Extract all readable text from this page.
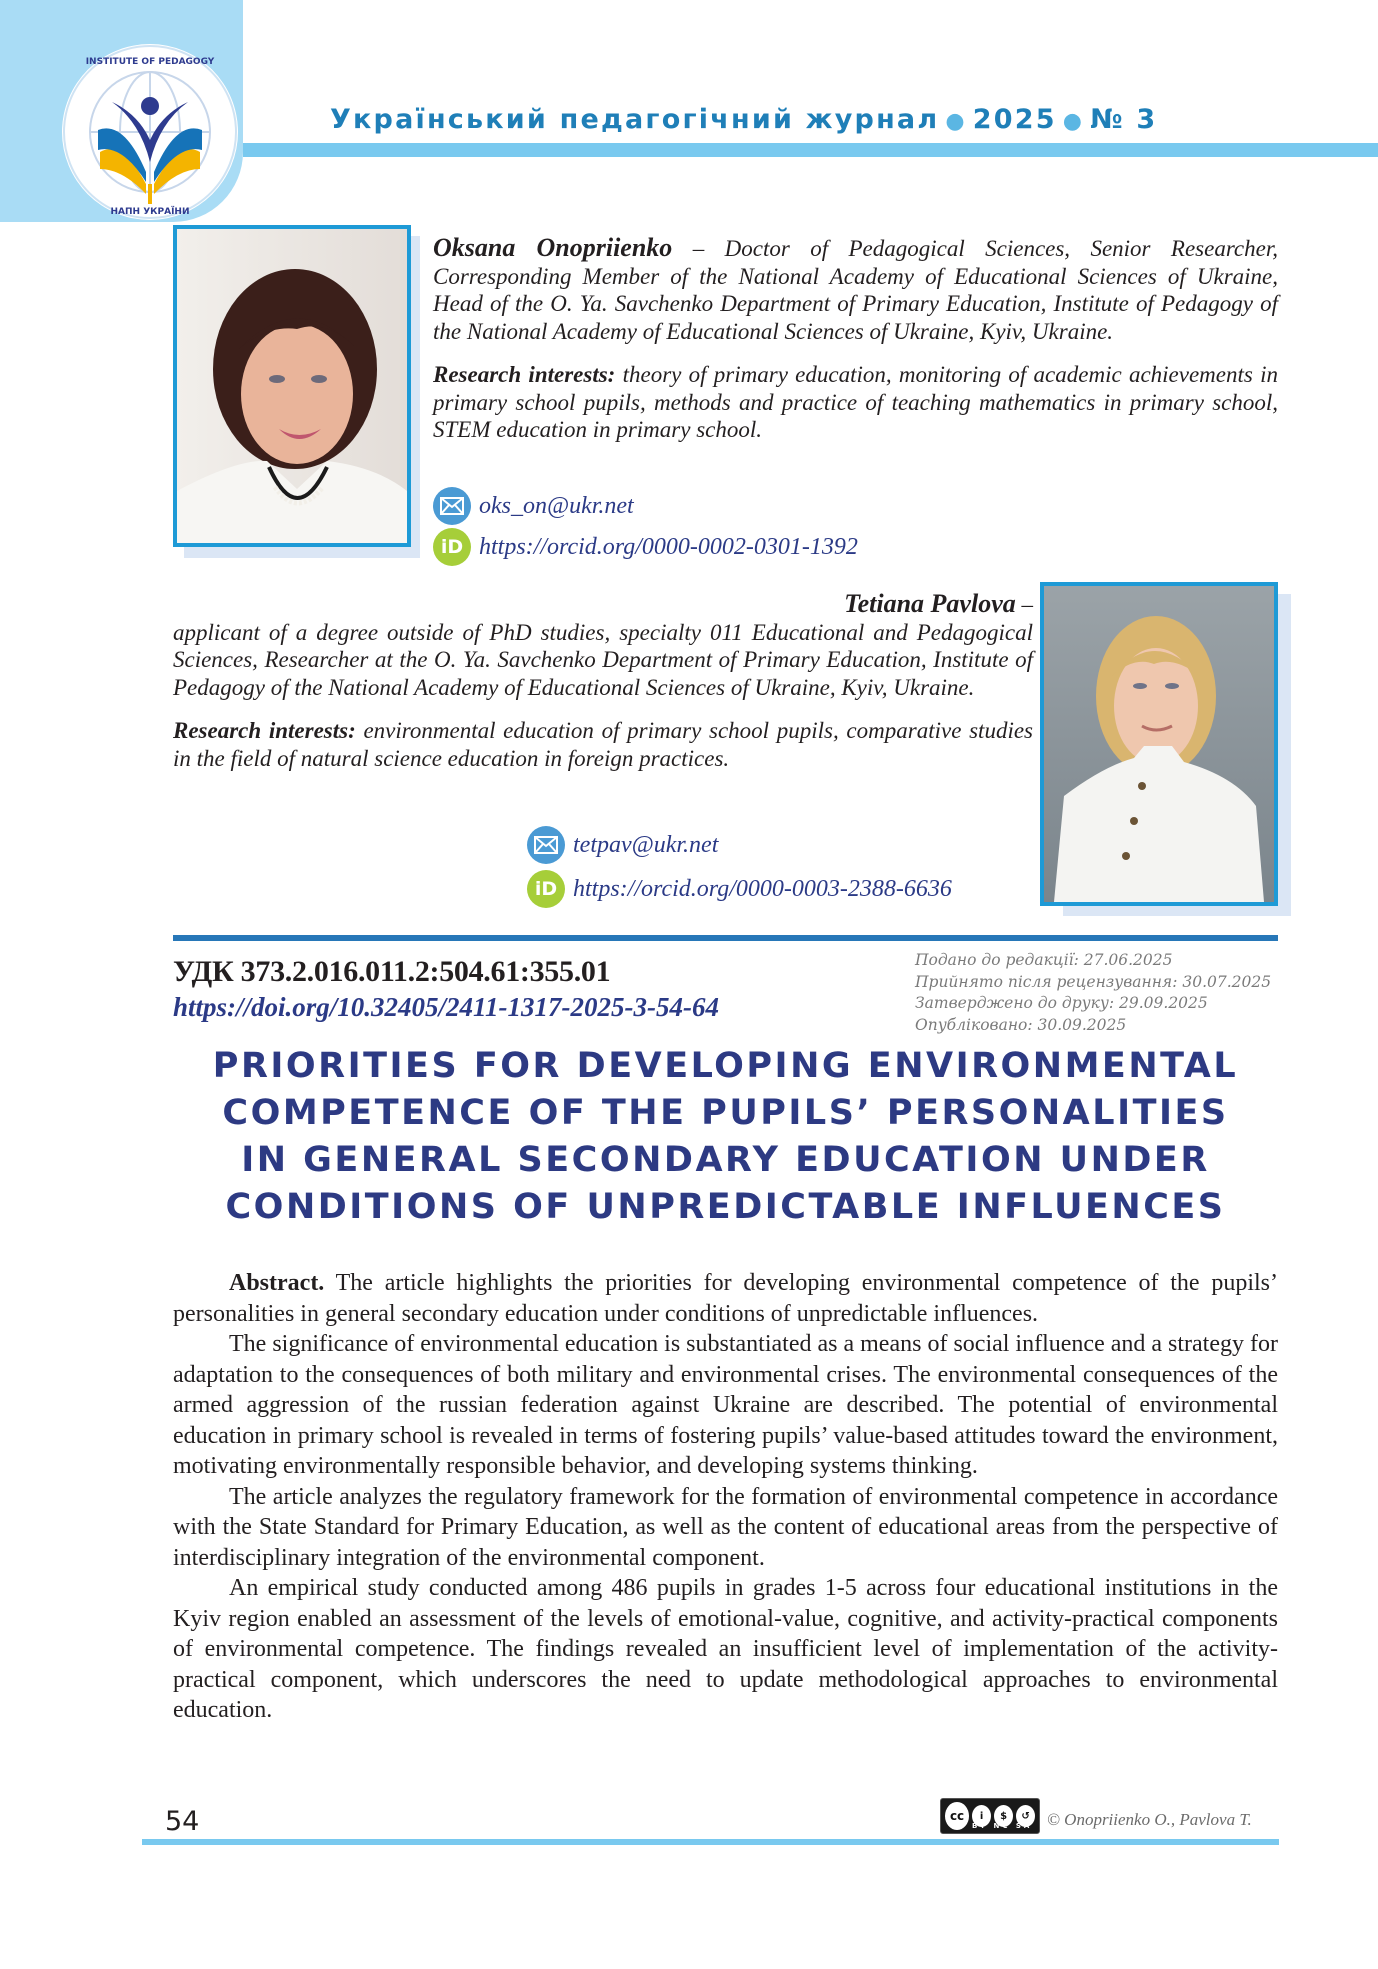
INSTITUTE OF PEDAGOGY
НАПН УКРАЇНИ
Український педагогічний журнал ● 2025 ● № 3

Oksana Onopriienko – Doctor of Pedagogical Sciences, Senior Researcher, Corresponding Member of the National Academy of Educational Sciences of Ukraine, Head of the O. Ya. Savchenko Department of Primary Education, Institute of Pedagogy of the National Academy of Educational Sciences of Ukraine, Kyiv, Ukraine.

Research interests: theory of primary education, monitoring of academic achievements in primary school pupils, methods and practice of teaching mathematics in primary school, STEM education in primary school.

oks_on@ukr.net
iD https://orcid.org/0000-0002-0301-1392

Tetiana Pavlova –

applicant of a degree outside of PhD studies, specialty 011 Educational and Pedagogical Sciences, Researcher at the O. Ya. Savchenko Department of Primary Education, Institute of Pedagogy of the National Academy of Educational Sciences of Ukraine, Kyiv, Ukraine.

Research interests: environmental education of primary school pupils, comparative studies in the field of natural science education in foreign practices.

tetpav@ukr.net
iD https://orcid.org/0000-0003-2388-6636
УДК 373.2.016.011.2:504.61:355.01
https://doi.org/10.32405/2411-1317-2025-3-54-64
Подано до редакції: 27.06.2025
Прийнято після рецензування: 30.07.2025
Затверджено до друку: 29.09.2025
Опубліковано: 30.09.2025
PRIORITIES FOR DEVELOPING ENVIRONMENTAL
COMPETENCE OF THE PUPILS’ PERSONALITIES
IN GENERAL SECONDARY EDUCATION UNDER
CONDITIONS OF UNPREDICTABLE INFLUENCES

Abstract. The article highlights the priorities for developing environmental competence of the pupils’ personalities in general secondary education under conditions of unpredictable influences.

The significance of environmental education is substantiated as a means of social influence and a strategy for adaptation to the consequences of both military and environmental crises. The environmental consequences of the armed aggression of the russian federation against Ukraine are described. The potential of environmental education in primary school is revealed in terms of fostering pupils’ value-based attitudes toward the environment, motivating environmentally responsible behavior, and developing systems thinking.

The article analyzes the regulatory framework for the formation of environmental competence in accordance with the State Standard for Primary Education, as well as the content of educational areas from the perspective of interdisciplinary integration of the environmental component.

An empirical study conducted among 486 pupils in grades 1-5 across four educational institutions in the Kyiv region enabled an assessment of the levels of emotional-value, cognitive, and activity-practical components of environmental competence. The findings revealed an insufficient level of implementation of the activity-practical component, which underscores the need to update methodological approaches to environmental education.

54	cc	i	$	↺
BY NC SA © Onopriienko O., Pavlova T.
